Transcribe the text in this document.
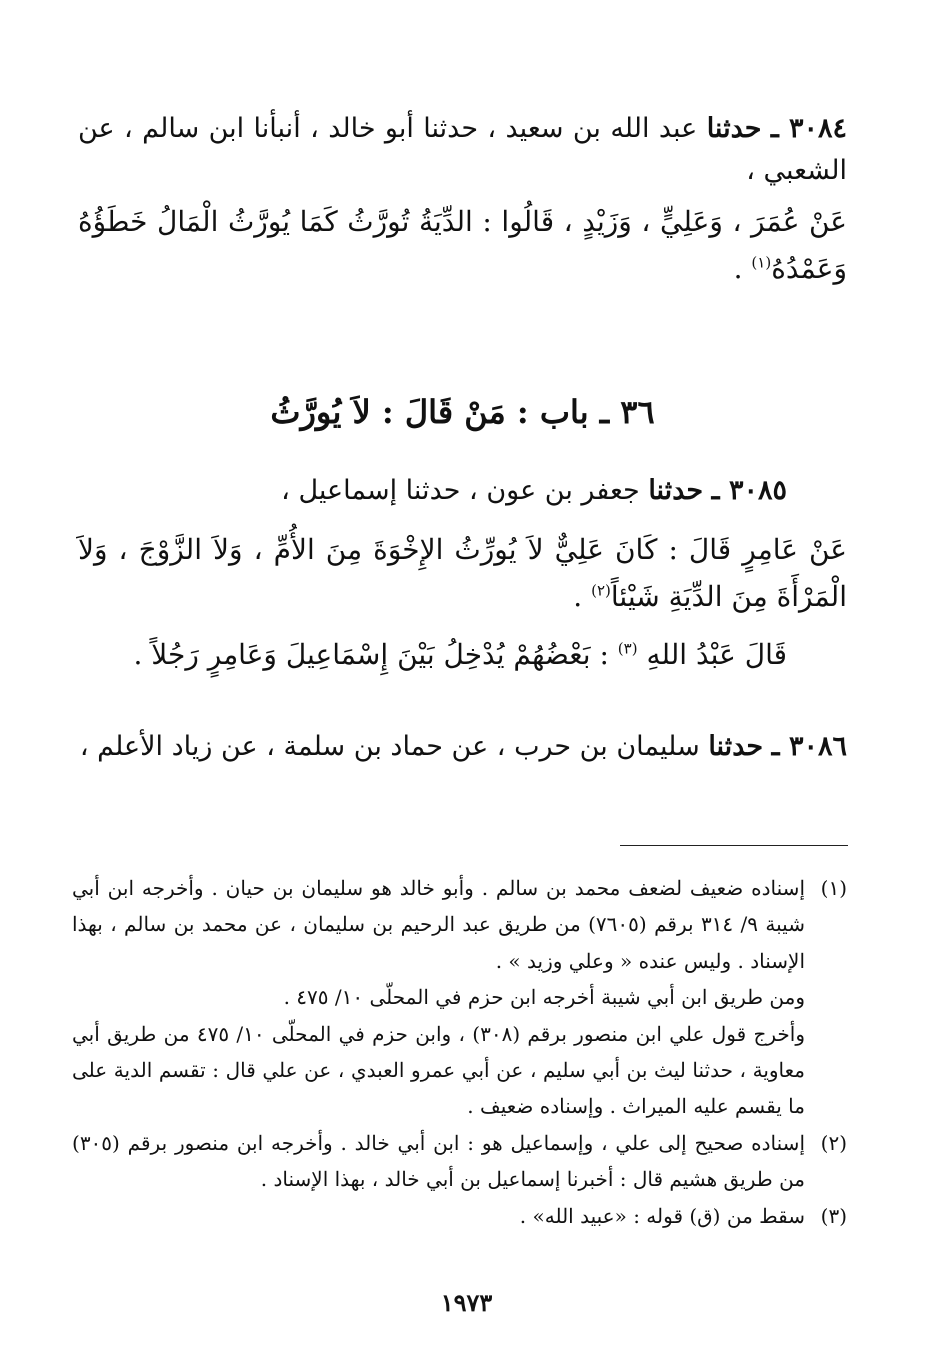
٣٠٨٤ ـ حدثنا عبد الله بن سعيد ، حدثنا أبو خالد ، أنبأنا ابن سالم ، عن الشعبي ،

عَنْ عُمَرَ ، وَعَلِيٍّ ، وَزَيْدٍ ، قَالُوا : الدِّيَةُ تُورَّثُ كَمَا يُورَّثُ الْمَالُ خَطَؤُهُ وَعَمْدُهُ$^{(١)}$ .

٣٦ ـ باب : مَنْ قَالَ : لاَ يُورَّثُ

٣٠٨٥ ـ حدثنا جعفر بن عون ، حدثنا إسماعيل ،

عَنْ عَامِرٍ قَالَ : كَانَ عَلِيٌّ لاَ يُورِّثُ الإِخْوَةَ مِنَ الأُمِّ ، وَلاَ الزَّوْجَ ، وَلاَ الْمَرْأَةَ مِنَ الدِّيَةِ شَيْئاً$^{(٢)}$ .

قَالَ عَبْدُ اللهِ $^{(٣)}$ : بَعْضُهُمْ يُدْخِلُ بَيْنَ إِسْمَاعِيلَ وَعَامِرٍ رَجُلاً .

٣٠٨٦ ـ حدثنا سليمان بن حرب ، عن حماد بن سلمة ، عن زياد الأعلم ،

(١)
إسناده ضعيف لضعف محمد بن سالم . وأبو خالد هو سليمان بن حيان . وأخرجه ابن أبي شيبة ٩/ ٣١٤ برقم (٧٦٠٥) من طريق عبد الرحيم بن سليمان ، عن محمد بن سالم ، بهذا الإسناد . وليس عنده « وعلي وزيد » .
ومن طريق ابن أبي شيبة أخرجه ابن حزم في المحلّى ١٠/ ٤٧٥ .
وأخرج قول علي ابن منصور برقم (٣٠٨) ، وابن حزم في المحلّى ١٠/ ٤٧٥ من طريق أبي معاوية ، حدثنا ليث بن أبي سليم ، عن أبي عمرو العبدي ، عن علي قال : تقسم الدية على ما يقسم عليه الميراث . وإسناده ضعيف .
(٢)
إسناده صحيح إلى علي ، وإسماعيل هو : ابن أبي خالد . وأخرجه ابن منصور برقم (٣٠٥) من طريق هشيم قال : أخبرنا إسماعيل بن أبي خالد ، بهذا الإسناد .
(٣)
سقط من (ق) قوله : «عبيد الله» .
١٩٧٣
